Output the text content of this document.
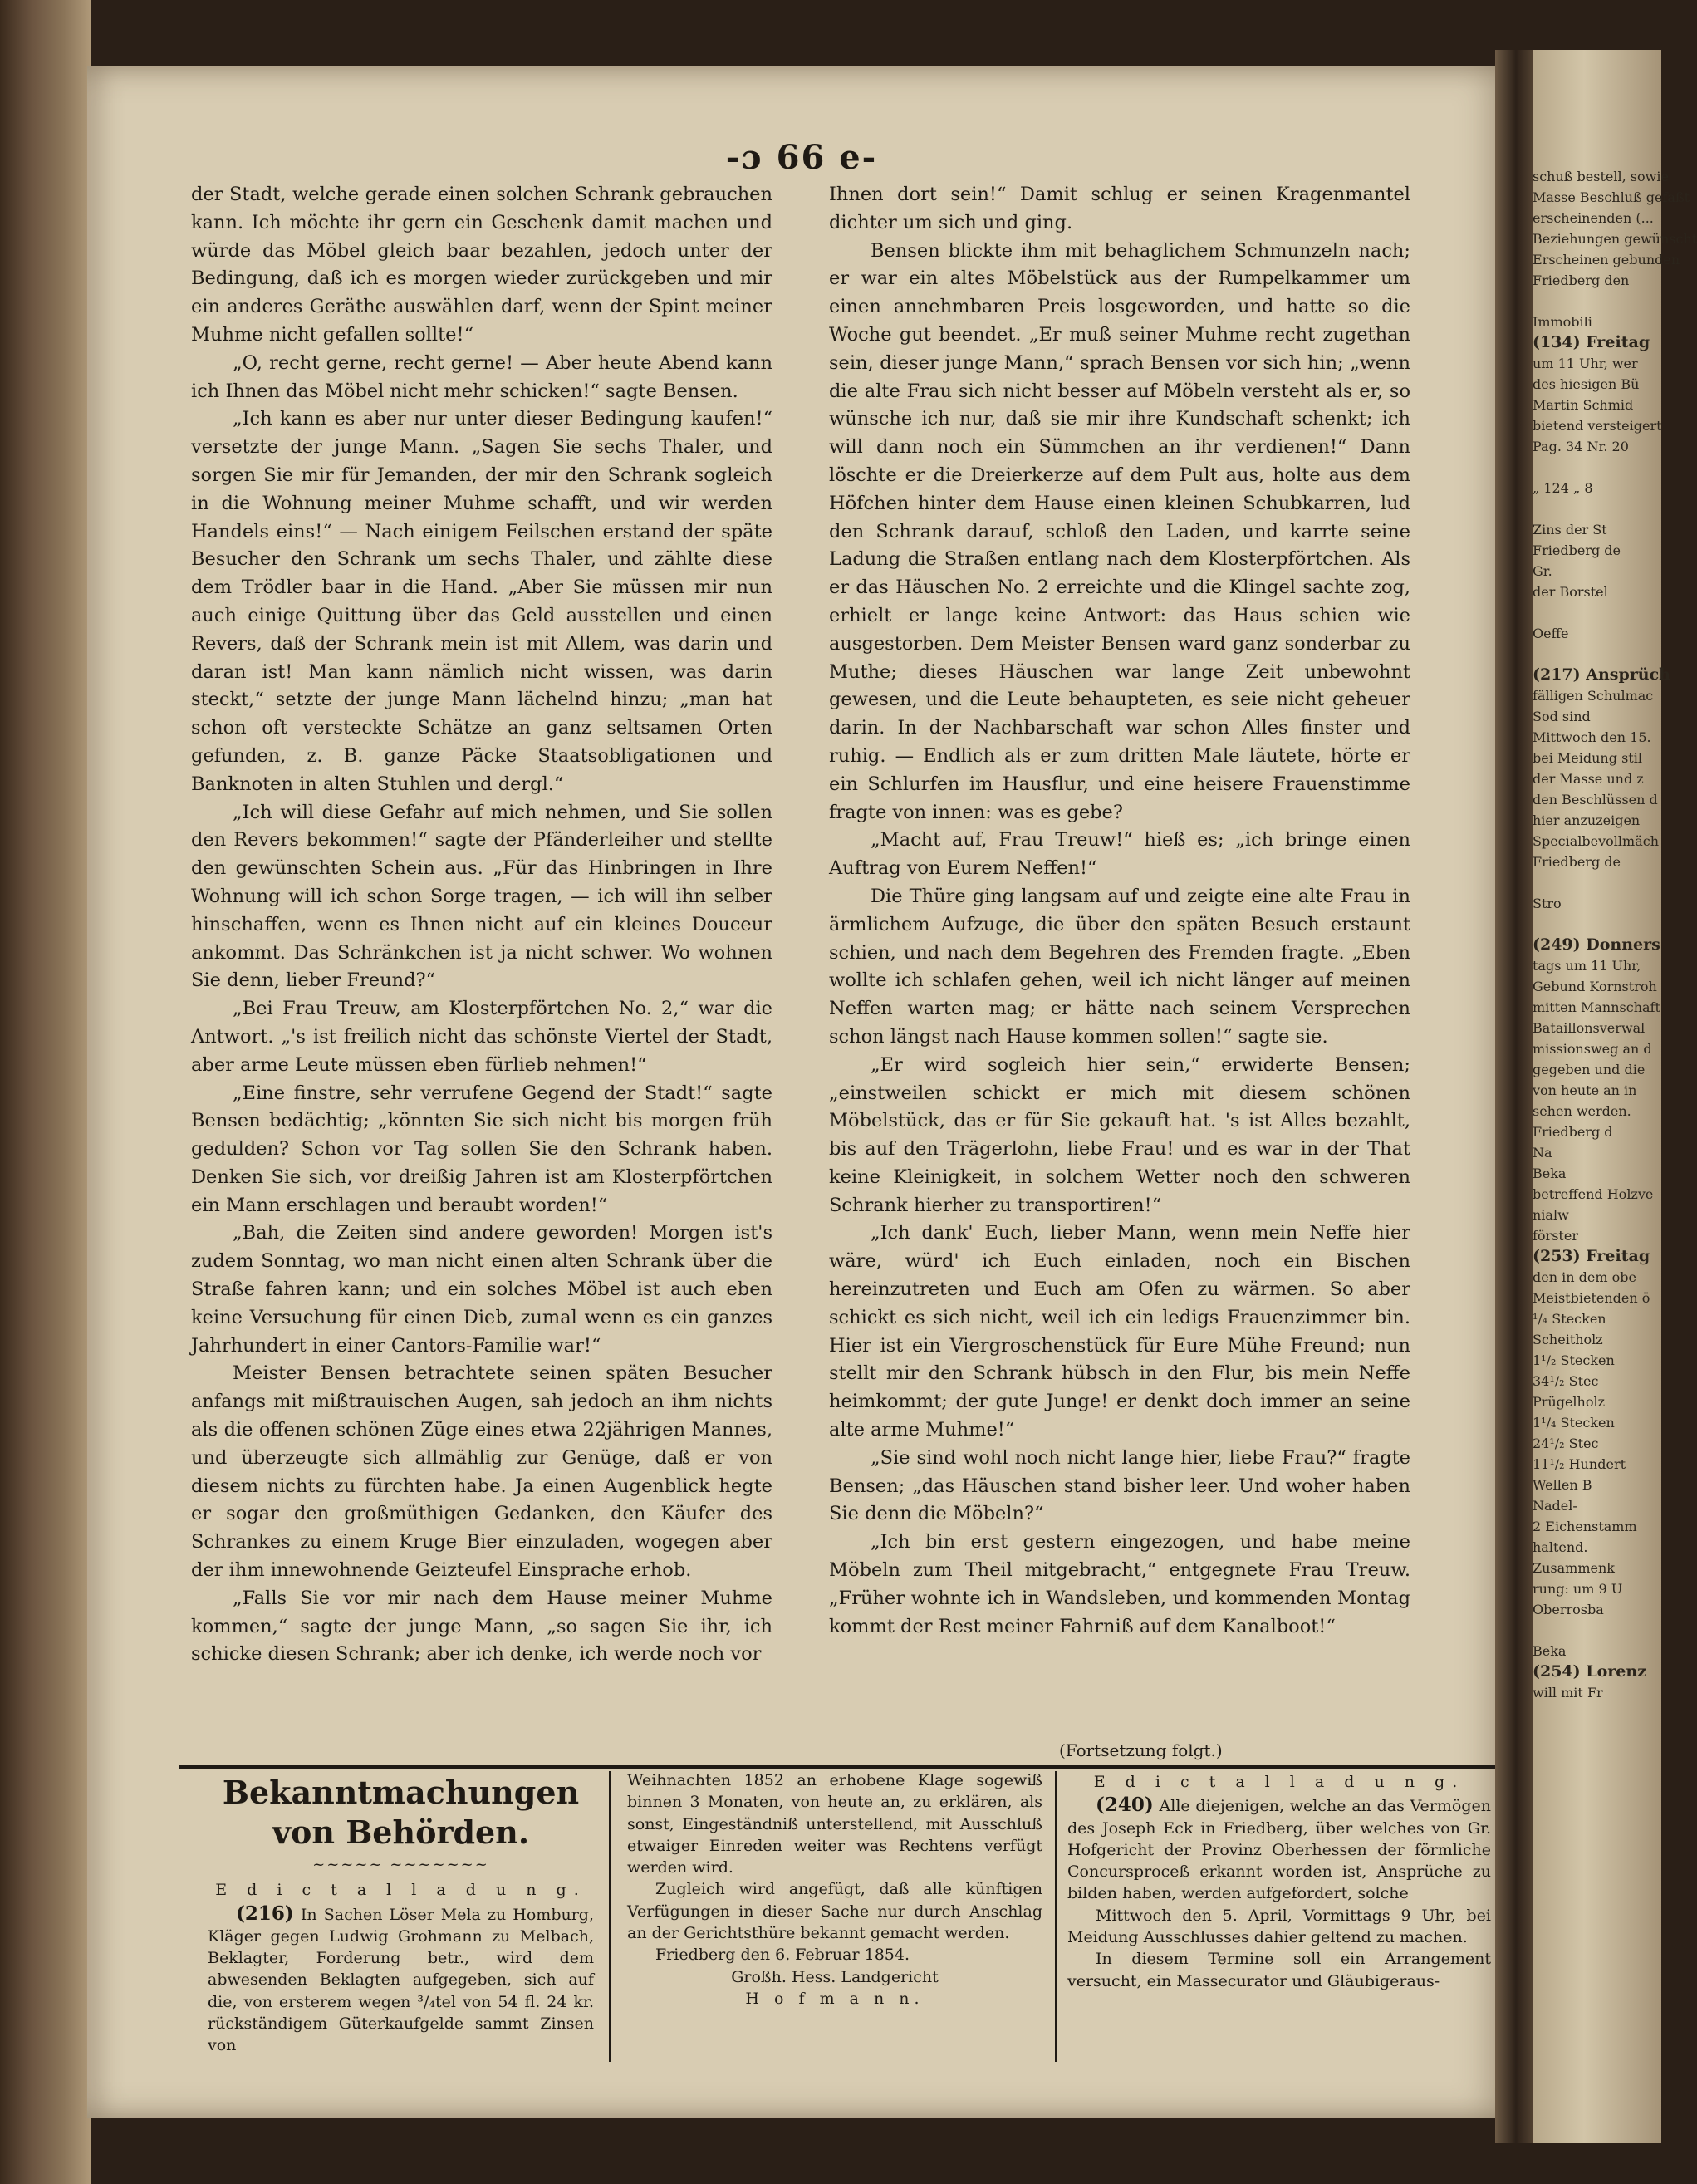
-ɔ 66 e-

der Stadt, welche gerade einen solchen Schrank gebrauchen kann. Ich möchte ihr gern ein Geschenk damit machen und würde das Möbel gleich baar bezahlen, jedoch unter der Bedingung, daß ich es morgen wieder zurückgeben und mir ein anderes Geräthe auswählen darf, wenn der Spint meiner Muhme nicht gefallen sollte!“

„O, recht gerne, recht gerne! — Aber heute Abend kann ich Ihnen das Möbel nicht mehr schicken!“ sagte Bensen.

„Ich kann es aber nur unter dieser Bedingung kaufen!“ versetzte der junge Mann. „Sagen Sie sechs Thaler, und sorgen Sie mir für Jemanden, der mir den Schrank sogleich in die Wohnung meiner Muhme schafft, und wir werden Handels eins!“ — Nach einigem Feilschen erstand der späte Besucher den Schrank um sechs Thaler, und zählte diese dem Trödler baar in die Hand. „Aber Sie müssen mir nun auch einige Quittung über das Geld ausstellen und einen Revers, daß der Schrank mein ist mit Allem, was darin und daran ist! Man kann nämlich nicht wissen, was darin steckt,“ setzte der junge Mann lächelnd hinzu; „man hat schon oft versteckte Schätze an ganz seltsamen Orten gefunden, z. B. ganze Päcke Staatsobligationen und Banknoten in alten Stuhlen und dergl.“

„Ich will diese Gefahr auf mich nehmen, und Sie sollen den Revers bekommen!“ sagte der Pfänderleiher und stellte den gewünschten Schein aus. „Für das Hinbringen in Ihre Wohnung will ich schon Sorge tragen, — ich will ihn selber hinschaffen, wenn es Ihnen nicht auf ein kleines Douceur ankommt. Das Schränkchen ist ja nicht schwer. Wo wohnen Sie denn, lieber Freund?“

„Bei Frau Treuw, am Klosterpförtchen No. 2,“ war die Antwort. „'s ist freilich nicht das schönste Viertel der Stadt, aber arme Leute müssen eben fürlieb nehmen!“

„Eine finstre, sehr verrufene Gegend der Stadt!“ sagte Bensen bedächtig; „könnten Sie sich nicht bis morgen früh gedulden? Schon vor Tag sollen Sie den Schrank haben. Denken Sie sich, vor dreißig Jahren ist am Klosterpförtchen ein Mann erschlagen und beraubt worden!“

„Bah, die Zeiten sind andere geworden! Morgen ist's zudem Sonntag, wo man nicht einen alten Schrank über die Straße fahren kann; und ein solches Möbel ist auch eben keine Versuchung für einen Dieb, zumal wenn es ein ganzes Jahrhundert in einer Cantors-Familie war!“

Meister Bensen betrachtete seinen späten Besucher anfangs mit mißtrauischen Augen, sah jedoch an ihm nichts als die offenen schönen Züge eines etwa 22jährigen Mannes, und überzeugte sich allmählig zur Genüge, daß er von diesem nichts zu fürchten habe. Ja einen Augenblick hegte er sogar den großmüthigen Gedanken, den Käufer des Schrankes zu einem Kruge Bier einzuladen, wogegen aber der ihm innewohnende Geizteufel Einsprache erhob.

„Falls Sie vor mir nach dem Hause meiner Muhme kommen,“ sagte der junge Mann, „so sagen Sie ihr, ich schicke diesen Schrank; aber ich denke, ich werde noch vor

Ihnen dort sein!“ Damit schlug er seinen Kragenmantel dichter um sich und ging.

Bensen blickte ihm mit behaglichem Schmunzeln nach; er war ein altes Möbelstück aus der Rumpelkammer um einen annehmbaren Preis losgeworden, und hatte so die Woche gut beendet. „Er muß seiner Muhme recht zugethan sein, dieser junge Mann,“ sprach Bensen vor sich hin; „wenn die alte Frau sich nicht besser auf Möbeln versteht als er, so wünsche ich nur, daß sie mir ihre Kundschaft schenkt; ich will dann noch ein Sümmchen an ihr verdienen!“ Dann löschte er die Dreierkerze auf dem Pult aus, holte aus dem Höfchen hinter dem Hause einen kleinen Schubkarren, lud den Schrank darauf, schloß den Laden, und karrte seine Ladung die Straßen entlang nach dem Klosterpförtchen. Als er das Häuschen No. 2 erreichte und die Klingel sachte zog, erhielt er lange keine Antwort: das Haus schien wie ausgestorben. Dem Meister Bensen ward ganz sonderbar zu Muthe; dieses Häuschen war lange Zeit unbewohnt gewesen, und die Leute behaupteten, es seie nicht geheuer darin. In der Nachbarschaft war schon Alles finster und ruhig. — Endlich als er zum dritten Male läutete, hörte er ein Schlurfen im Hausflur, und eine heisere Frauenstimme fragte von innen: was es gebe?

„Macht auf, Frau Treuw!“ hieß es; „ich bringe einen Auftrag von Eurem Neffen!“

Die Thüre ging langsam auf und zeigte eine alte Frau in ärmlichem Aufzuge, die über den späten Besuch erstaunt schien, und nach dem Begehren des Fremden fragte. „Eben wollte ich schlafen gehen, weil ich nicht länger auf meinen Neffen warten mag; er hätte nach seinem Versprechen schon längst nach Hause kommen sollen!“ sagte sie.

„Er wird sogleich hier sein,“ erwiderte Bensen; „einstweilen schickt er mich mit diesem schönen Möbelstück, das er für Sie gekauft hat. 's ist Alles bezahlt, bis auf den Trägerlohn, liebe Frau! und es war in der That keine Kleinigkeit, in solchem Wetter noch den schweren Schrank hierher zu transportiren!“

„Ich dank' Euch, lieber Mann, wenn mein Neffe hier wäre, würd' ich Euch einladen, noch ein Bischen hereinzutreten und Euch am Ofen zu wärmen. So aber schickt es sich nicht, weil ich ein ledigs Frauenzimmer bin. Hier ist ein Viergroschenstück für Eure Mühe Freund; nun stellt mir den Schrank hübsch in den Flur, bis mein Neffe heimkommt; der gute Junge! er denkt doch immer an seine alte arme Muhme!“

„Sie sind wohl noch nicht lange hier, liebe Frau?“ fragte Bensen; „das Häuschen stand bisher leer. Und woher haben Sie denn die Möbeln?“

„Ich bin erst gestern eingezogen, und habe meine Möbeln zum Theil mitgebracht,“ entgegnete Frau Treuw. „Früher wohnte ich in Wandsleben, und kommenden Montag kommt der Rest meiner Fahrniß auf dem Kanalboot!“

(Fortsetzung folgt.)
Bekanntmachungen von Behörden.
~~~~~ ~~~~~~~
E d i c t a l l a d u n g.

(216) In Sachen Löser Mela zu Homburg, Kläger gegen Ludwig Grohmann zu Melbach, Beklagter, Forderung betr., wird dem abwesenden Beklagten aufgegeben, sich auf die, von ersterem wegen ³/₄tel von 54 fl. 24 kr. rückständigem Güterkaufgelde sammt Zinsen von

Weihnachten 1852 an erhobene Klage sogewiß binnen 3 Monaten, von heute an, zu erklären, als sonst, Eingeständniß unterstellend, mit Ausschluß etwaiger Einreden weiter was Rechtens verfügt werden wird.

Zugleich wird angefügt, daß alle künftigen Verfügungen in dieser Sache nur durch Anschlag an der Gerichtsthüre bekannt gemacht werden.

Friedberg den 6. Februar 1854.

Großh. Hess. Landgericht

H o f m a n n.

E d i c t a l l a d u n g.

(240) Alle diejenigen, welche an das Vermögen des Joseph Eck in Friedberg, über welches von Gr. Hofgericht der Provinz Oberhessen der förmliche Concursproceß erkannt worden ist, Ansprüche zu bilden haben, werden aufgefordert, solche

Mittwoch den 5. April, Vormittags 9 Uhr, bei Meidung Ausschlusses dahier geltend zu machen.

In diesem Termine soll ein Arrangement versucht, ein Massecurator und Gläubigeraus-

schuß bestell, sowie
Masse Beschluß gefaßt
erscheinenden (...
Beziehungen gewünscht
Erscheinen gebunden
Friedberg den

Immobili
(134) Freitag
um 11 Uhr, wer
des hiesigen Bü
Martin Schmid
bietend versteigert
Pag. 34 Nr. 20

„ 124 „ 8

Zins der St
Friedberg de
Gr.
der Borstel

Oeffe

(217) Ansprüch
fälligen Schulmac
Sod sind
Mittwoch den 15.
bei Meidung stil
der Masse und z
den Beschlüssen d
hier anzuzeigen
Specialbevollmäch
Friedberg de

Stro

(249) Donners
tags um 11 Uhr,
Gebund Kornstroh
mitten Mannschaft
Bataillonsverwal
missionsweg an d
gegeben und die
von heute an in
sehen werden.
Friedberg d
Na
Beka
betreffend Holzve
nialw
förster
(253) Freitag
den in dem obe
Meistbietenden ö
¹/₄ Stecken
Scheitholz
1¹/₂ Stecken
34¹/₂ Stec
Prügelholz
1¹/₄ Stecken
24¹/₂ Stec
11¹/₂ Hundert
Wellen B
Nadel-
2 Eichenstamm
haltend.
Zusammenk
rung: um 9 U
Oberrosba

Beka
(254) Lorenz
will mit Fr
